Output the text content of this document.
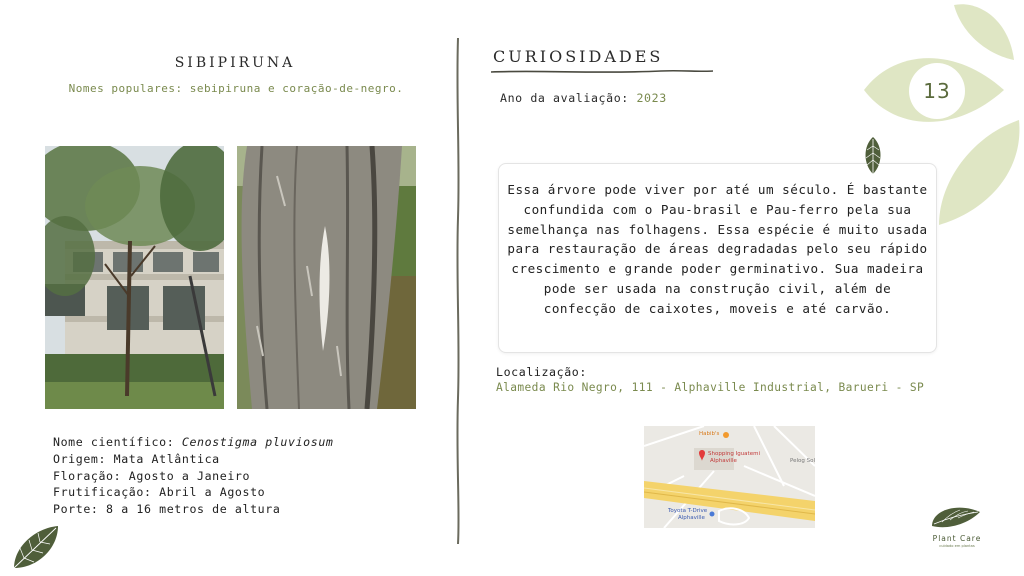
SIBIPIRUNA
Nomes populares: sebipiruna e coração-de-negro.
Nome científico: Cenostigma pluviosum
Origem: Mata Atlântica
Floração: Agosto a Janeiro
Frutificação: Abril a Agosto
Porte: 8 a 16 metros de altura
CURIOSIDADES
Ano da avaliação: 2023	13
Essa árvore pode viver por até um século. É bastante confundida com o Pau-brasil e Pau-ferro pela sua semelhança nas folhagens. Essa espécie é muito usada para restauração de áreas degradadas pelo seu rápido crescimento e grande poder germinativo. Sua madeira pode ser usada na construção civil, além de confecção de caixotes, moveis e até carvão.
Localização:
Alameda Rio Negro, 111 - Alphaville Industrial, Barueri - SP
Habib's
Shopping Iguatemi
Alphaville	Pelog Sol
Toyota T-Drive
Alphaville
Plant Care
cuidado em plantas
